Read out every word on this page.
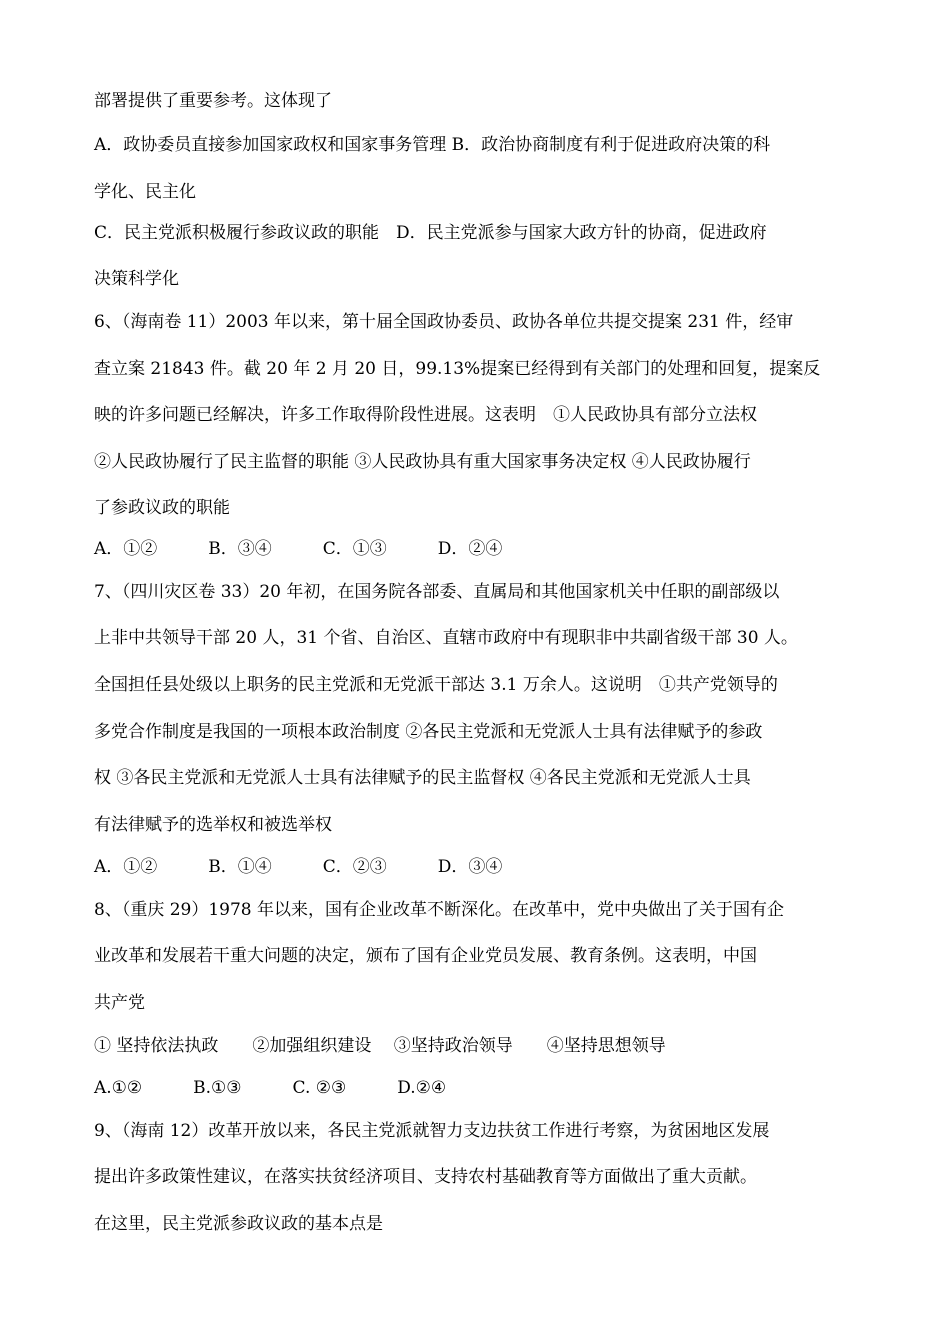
部署提供了重要参考。这体现了
A．政协委员直接参加国家政权和国家事务管理 B．政治协商制度有利于促进政府决策的科
学化、民主化
C．民主党派积极履行参政议政的职能　D．民主党派参与国家大政方针的协商，促进政府
决策科学化
6、（海南卷 11）2003 年以来，第十届全国政协委员、政协各单位共提交提案 231 件，经审
查立案 21843 件。截 20 年 2 月 20 日，99.13%提案已经得到有关部门的处理和回复，提案反
映的许多问题已经解决，许多工作取得阶段性进展。这表明　①人民政协具有部分立法权
②人民政协履行了民主监督的职能 ③人民政协具有重大国家事务决定权 ④人民政协履行
了参政议政的职能
A．①②　　　B．③④　　　C．①③　　　D．②④
7、（四川灾区卷 33）20 年初，在国务院各部委、直属局和其他国家机关中任职的副部级以
上非中共领导干部 20 人，31 个省、自治区、直辖市政府中有现职非中共副省级干部 30 人。
全国担任县处级以上职务的民主党派和无党派干部达 3.1 万余人。这说明　①共产党领导的
多党合作制度是我国的一项根本政治制度 ②各民主党派和无党派人士具有法律赋予的参政
权 ③各民主党派和无党派人士具有法律赋予的民主监督权 ④各民主党派和无党派人士具
有法律赋予的选举权和被选举权
A．①②　　　B．①④　　　C．②③　　　D．③④
8、（重庆 29）1978 年以来，国有企业改革不断深化。在改革中，党中央做出了关于国有企
业改革和发展若干重大问题的决定，颁布了国有企业党员发展、教育条例。这表明，中国
共产党
① 坚持依法执政　　②加强组织建设　 ③坚持政治领导　　④坚持思想领导
A.①②　　　B.①③　　　C. ②③　　　D.②④
9、（海南 12）改革开放以来，各民主党派就智力支边扶贫工作进行考察，为贫困地区发展
提出许多政策性建议，在落实扶贫经济项目、支持农村基础教育等方面做出了重大贡献。
在这里，民主党派参政议政的基本点是
